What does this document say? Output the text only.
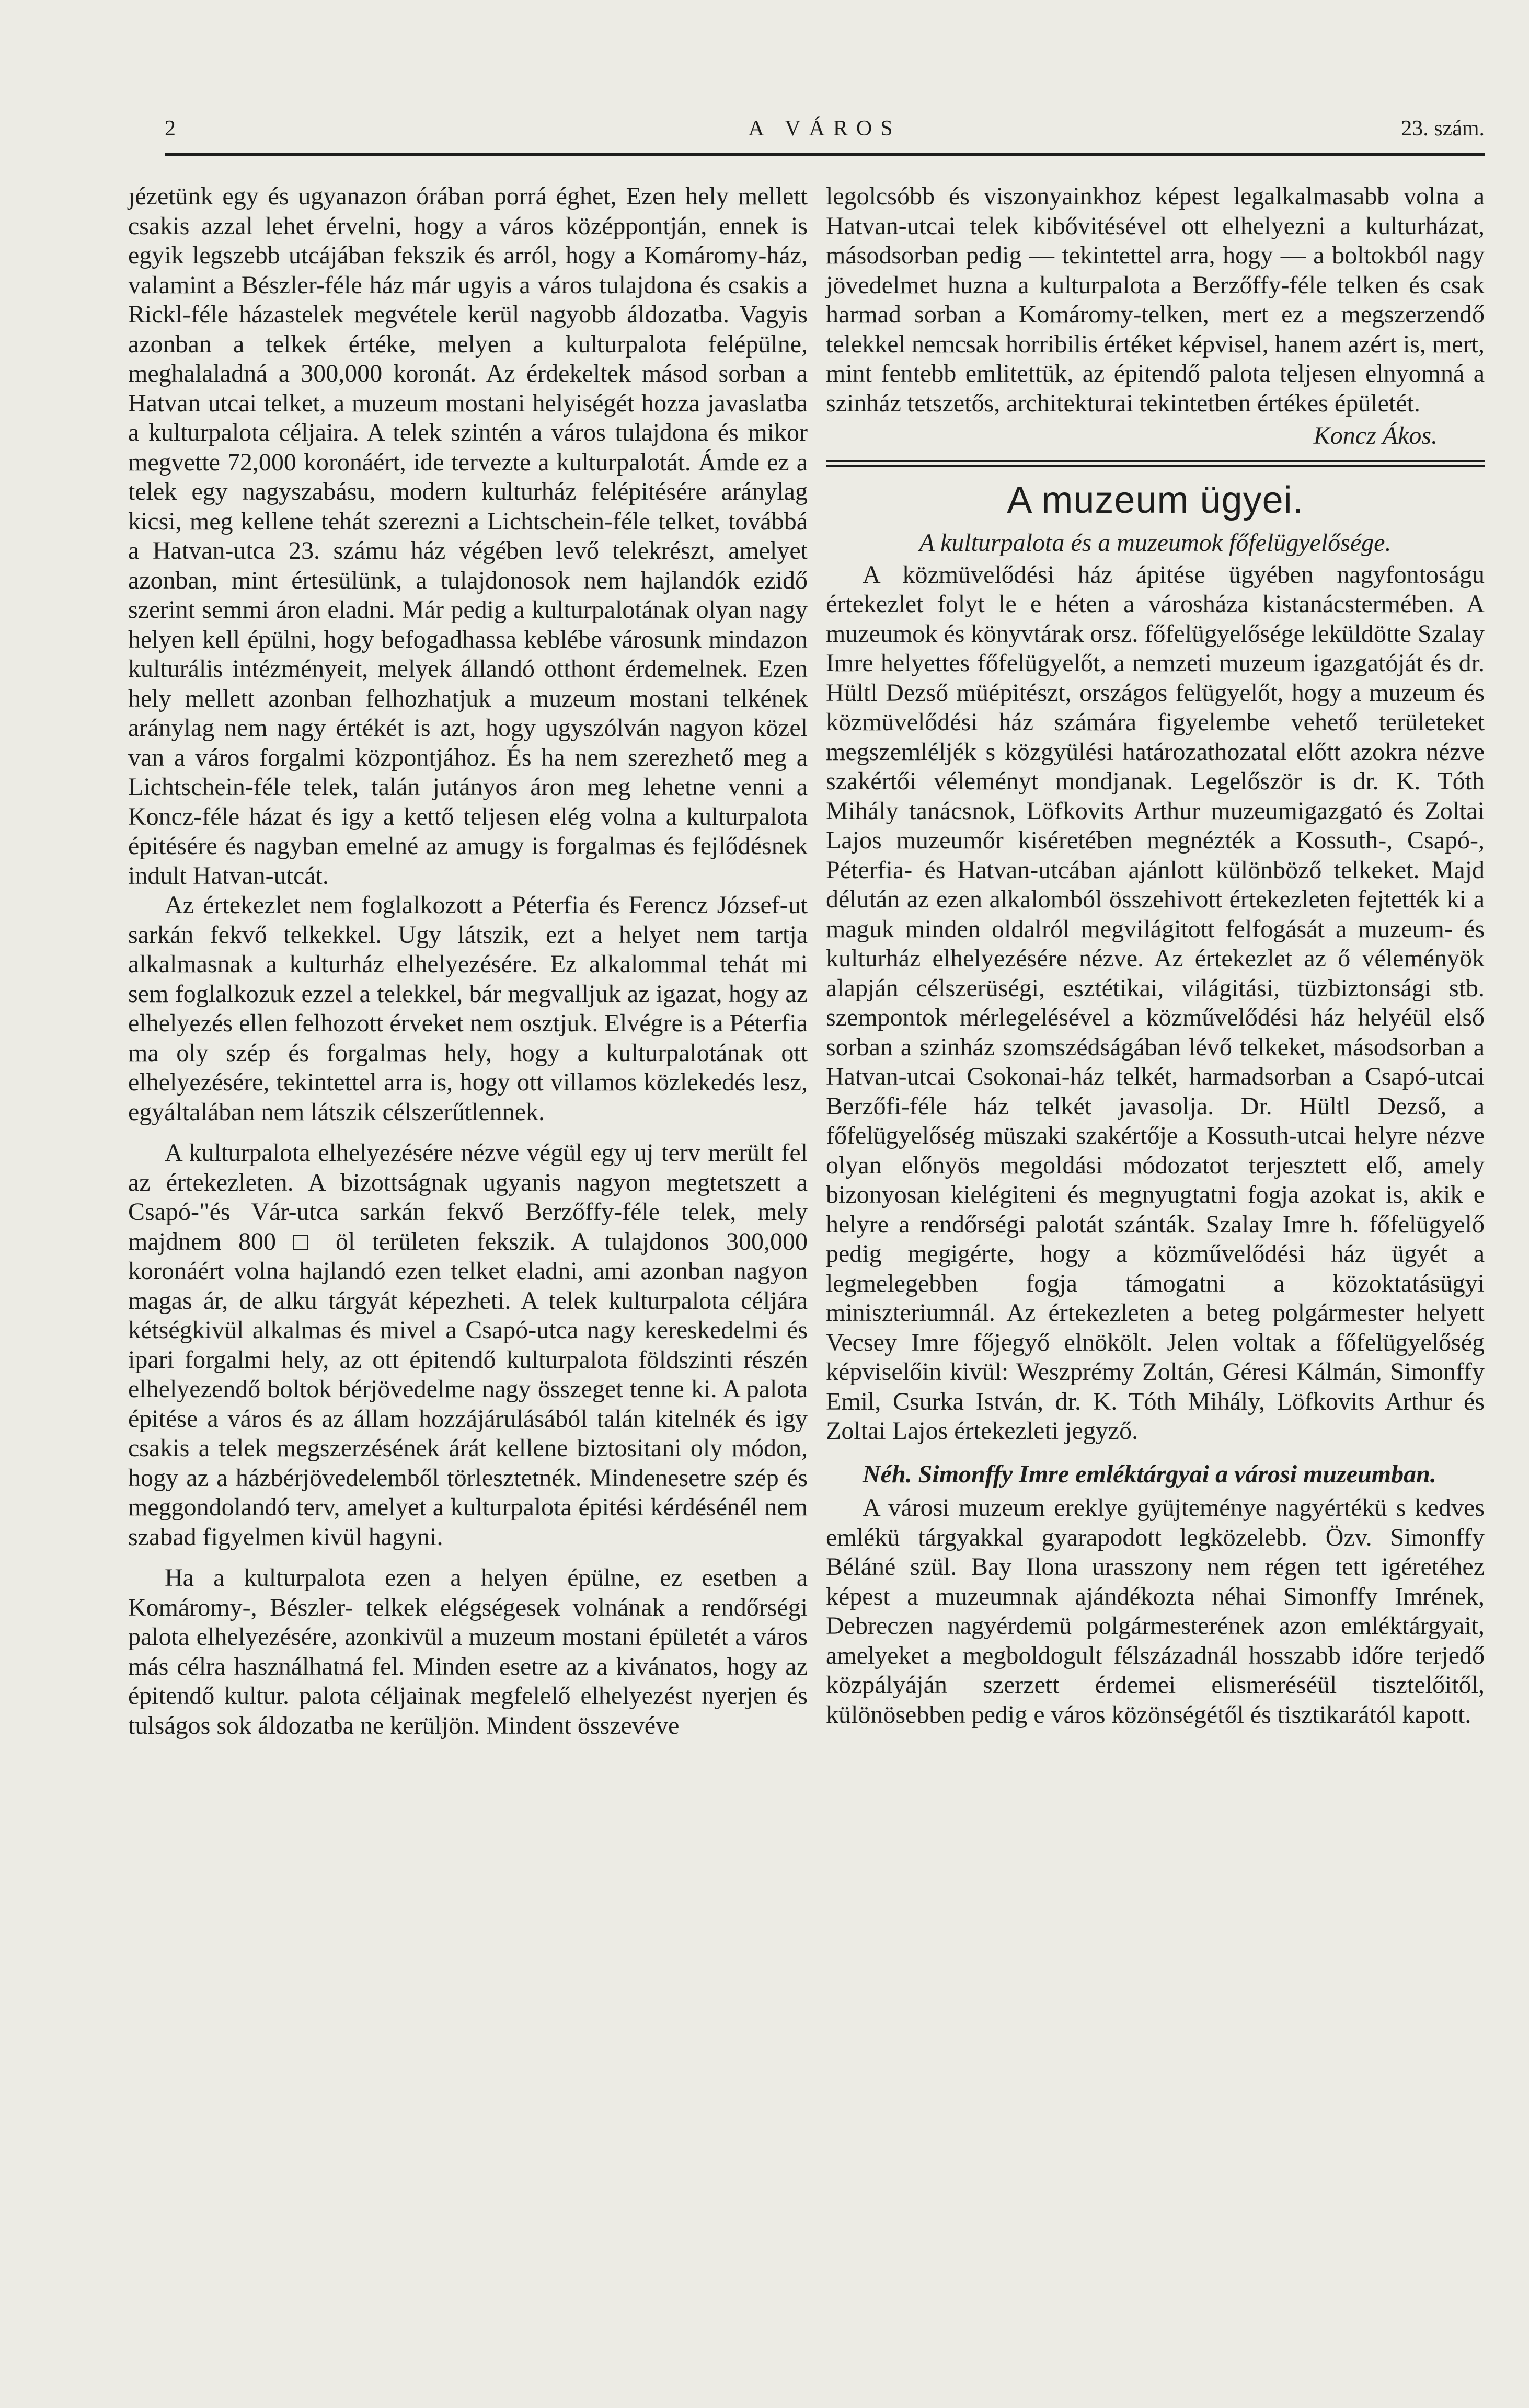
2	A VÁROS	23. szám.

ȷézetünk egy és ugyanazon órában porrá éghet, Ezen hely mellett csakis azzal lehet érvelni, hogy a város középpontján, ennek is egyik legszebb utcájában fekszik és arról, hogy a Komáromy-ház, valamint a Bészler-féle ház már ugyis a város tulajdona és csakis a Rickl-féle házastelek megvétele kerül nagyobb áldozatba. Vagyis azonban a telkek értéke, melyen a kulturpalota felépülne, meghalaladná a 300,000 koronát. Az érdekeltek másod sorban a Hatvan utcai telket, a muzeum mostani helyiségét hozza javaslatba a kulturpalota céljaira. A telek szintén a város tulajdona és mikor megvette 72,000 koronáért, ide tervezte a kulturpalotát. Ámde ez a telek egy nagyszabásu, modern kulturház felépitésére aránylag kicsi, meg kellene tehát szerezni a Lichtschein-féle telket, továbbá a Hatvan-utca 23. számu ház végében levő telekrészt, amelyet azonban, mint értesülünk, a tulajdonosok nem hajlandók ezidő szerint semmi áron eladni. Már pedig a kulturpalotának olyan nagy helyen kell épülni, hogy befogadhassa keblébe városunk mindazon kulturális intézményeit, melyek állandó otthont érdemelnek. Ezen hely mellett azonban felhozhatjuk a muzeum mostani telkének aránylag nem nagy értékét is azt, hogy ugyszólván nagyon közel van a város forgalmi központjához. És ha nem szerezhető meg a Lichtschein-féle telek, talán jutányos áron meg lehetne venni a Koncz-féle házat és igy a kettő teljesen elég volna a kulturpalota épitésére és nagyban emelné az amugy is forgalmas és fejlődésnek indult Hatvan-utcát.

Az értekezlet nem foglalkozott a Péterfia és Ferencz József-ut sarkán fekvő telkekkel. Ugy látszik, ezt a helyet nem tartja alkalmasnak a kulturház elhelyezésére. Ez alkalommal tehát mi sem foglalkozuk ezzel a telekkel, bár megvalljuk az igazat, hogy az elhelyezés ellen felhozott érveket nem osztjuk. Elvégre is a Péterfia ma oly szép és forgalmas hely, hogy a kulturpalotának ott elhelyezésére, tekintettel arra is, hogy ott villamos közlekedés lesz, egyáltalában nem látszik célszerűtlennek.

A kulturpalota elhelyezésére nézve végül egy uj terv merült fel az értekezleten. A bizottságnak ugyanis nagyon megtetszett a Csapó-"és Vár-utca sarkán fekvő Berzőffy-féle telek, mely majdnem 800 □ öl területen fekszik. A tulajdonos 300,000 koronáért volna hajlandó ezen telket eladni, ami azonban nagyon magas ár, de alku tárgyát képezheti. A telek kulturpalota céljára kétségkivül alkalmas és mivel a Csapó-utca nagy kereskedelmi és ipari forgalmi hely, az ott épitendő kulturpalota földszinti részén elhelyezendő boltok bérjövedelme nagy összeget tenne ki. A palota épitése a város és az állam hozzájárulásából talán kitelnék és igy csakis a telek megszerzésének árát kellene biztositani oly módon, hogy az a házbérjövedelemből törlesztetnék. Mindenesetre szép és meggondolandó terv, amelyet a kulturpalota épitési kérdésénél nem szabad figyelmen kivül hagyni.

Ha a kulturpalota ezen a helyen épülne, ez esetben a Komáromy-, Bészler- telkek elégségesek volnának a rendőrségi palota elhelyezésére, azonkivül a muzeum mostani épületét a város más célra használhatná fel. Minden esetre az a kivánatos, hogy az épitendő kultur. palota céljainak megfelelő elhelyezést nyerjen és tulságos sok áldozatba ne kerüljön. Mindent összevéve

legolcsóbb és viszonyainkhoz képest legalkalmasabb volna a Hatvan-utcai telek kibővitésével ott elhelyezni a kulturházat, másodsorban pedig — tekintettel arra, hogy — a boltokból nagy jövedelmet huzna a kulturpalota a Berzőffy-féle telken és csak harmad sorban a Komáromy-telken, mert ez a megszerzendő telekkel nemcsak horribilis értéket képvisel, hanem azért is, mert, mint fentebb emlitettük, az épitendő palota teljesen elnyomná a szinház tetszetős, architekturai tekintetben értékes épületét.

Koncz Ákos.
A muzeum ügyei.
A kulturpalota és a muzeumok főfelügyelősége.

A közmüvelődési ház ápitése ügyében nagyfontoságu értekezlet folyt le e héten a városháza kistanácstermében. A muzeumok és könyvtárak orsz. főfelügyelősége leküldötte Szalay Imre helyettes főfelügyelőt, a nemzeti muzeum igazgatóját és dr. Hültl Dezső müépitészt, országos felügyelőt, hogy a muzeum és közmüvelődési ház számára figyelembe vehető területeket megszemléljék s közgyülési határozathozatal előtt azokra nézve szakértői véleményt mondjanak. Legelőször is dr. K. Tóth Mihály tanácsnok, Löfkovits Arthur muzeumigazgató és Zoltai Lajos muzeumőr kiséretében megnézték a Kossuth-, Csapó-, Péterfia- és Hatvan-utcában ajánlott különböző telkeket. Majd délután az ezen alkalomból összehivott értekezleten fejtették ki a maguk minden oldalról megvilágitott felfogását a muzeum- és kulturház elhelyezésére nézve. Az értekezlet az ő véleményök alapján célszerüségi, esztétikai, világitási, tüzbiztonsági stb. szempontok mérlegelésével a közművelődési ház helyéül első sorban a szinház szomszédságában lévő telkeket, másodsorban a Hatvan-utcai Csokonai-ház telkét, harmadsorban a Csapó-utcai Berzőfi-féle ház telkét javasolja. Dr. Hültl Dezső, a főfelügyelőség müszaki szakértője a Kossuth-utcai helyre nézve olyan előnyös megoldási módozatot terjesztett elő, amely bizonyosan kielégiteni és megnyugtatni fogja azokat is, akik e helyre a rendőrségi palotát szánták. Szalay Imre h. főfelügyelő pedig megigérte, hogy a közművelődési ház ügyét a legmelegebben fogja támogatni a közoktatásügyi miniszteriumnál. Az értekezleten a beteg polgármester helyett Vecsey Imre főjegyő elnökölt. Jelen voltak a főfelügyelőség képviselőin kivül: Weszprémy Zoltán, Géresi Kálmán, Simonffy Emil, Csurka István, dr. K. Tóth Mihály, Löfkovits Arthur és Zoltai Lajos értekezleti jegyző.

Néh. Simonffy Imre emléktárgyai a városi muzeumban.

A városi muzeum ereklye gyüjteménye nagyértékü s kedves emlékü tárgyakkal gyarapodott legközelebb. Özv. Simonffy Béláné szül. Bay Ilona urasszony nem régen tett igéretéhez képest a muzeumnak ajándékozta néhai Simonffy Imrének, Debreczen nagyérdemü polgármesterének azon emléktárgyait, amelyeket a megboldogult félszázadnál hosszabb időre terjedő közpályáján szerzett érdemei elismeréséül tisztelőitől, különösebben pedig e város közönségétől és tisztikarától kapott.
